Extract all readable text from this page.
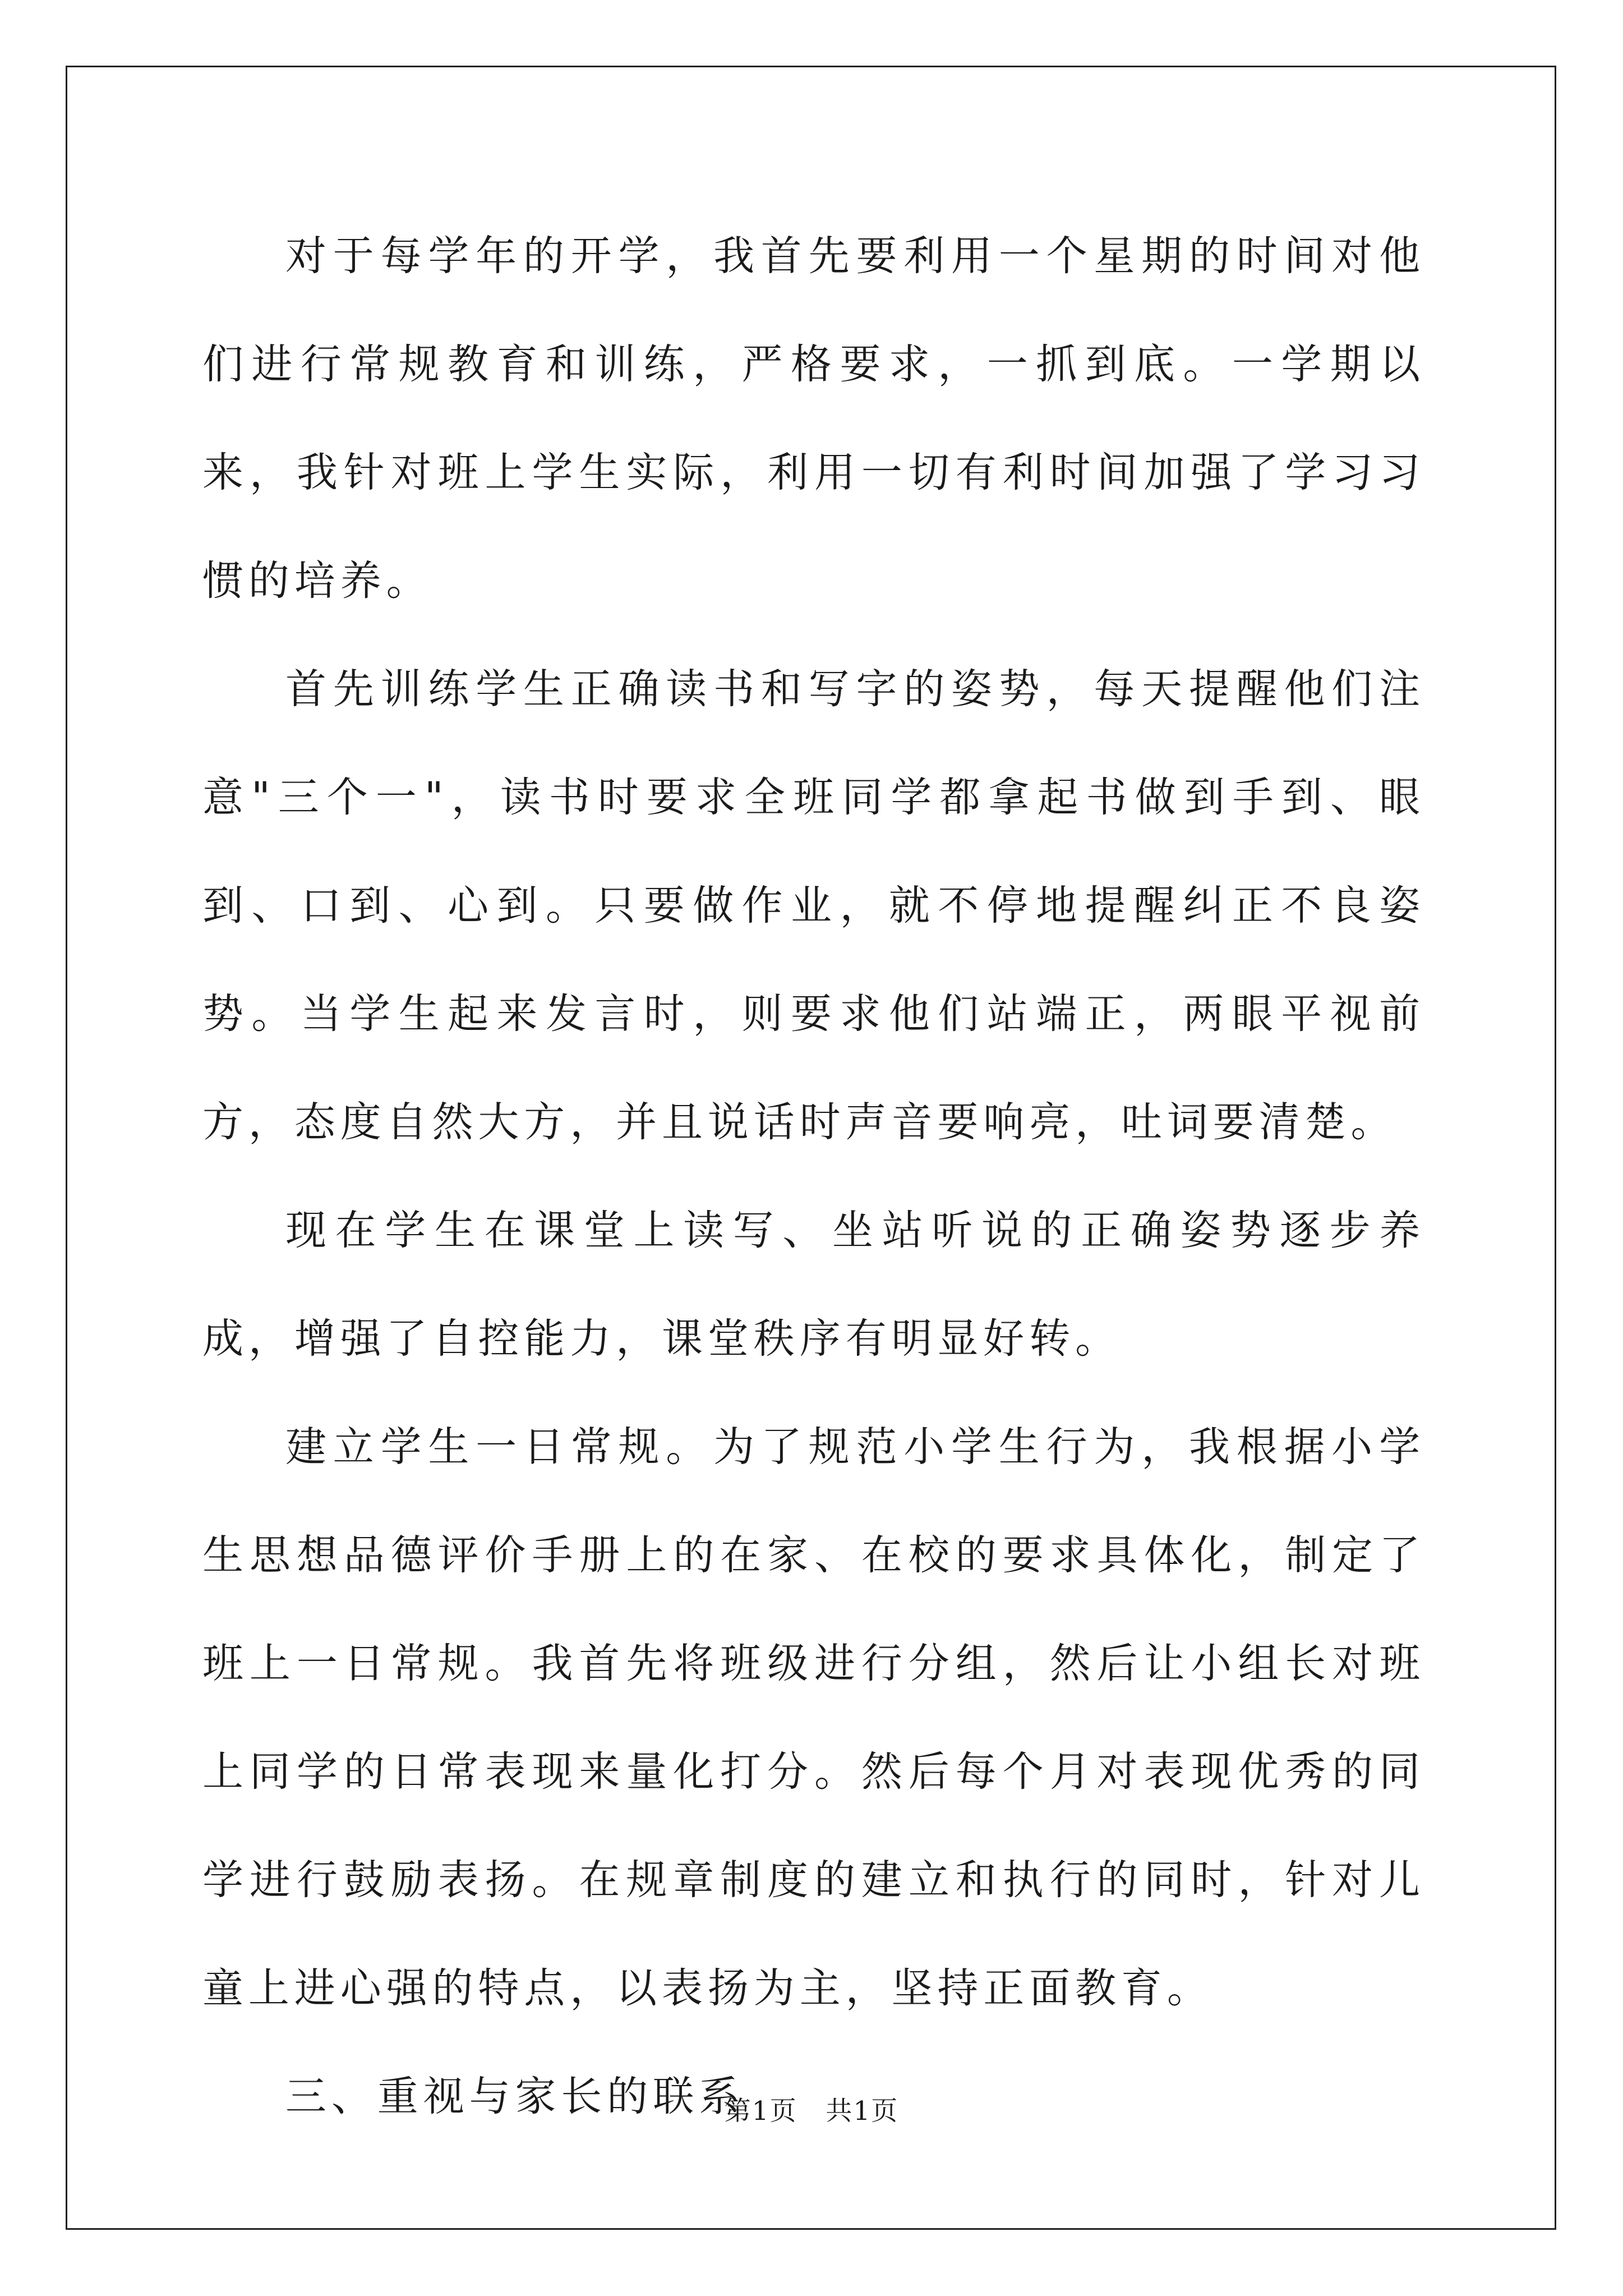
对于每学年的开学，我首先要利用一个星期的时间对他们进行常规教育和训练，严格要求，一抓到底。一学期以来，我针对班上学生实际，利用一切有利时间加强了学习习惯的培养。

首先训练学生正确读书和写字的姿势，每天提醒他们注意"三个一"，读书时要求全班同学都拿起书做到手到、眼到、口到、心到。只要做作业，就不停地提醒纠正不良姿势。当学生起来发言时，则要求他们站端正，两眼平视前方，态度自然大方，并且说话时声音要响亮，吐词要清楚。

现在学生在课堂上读写、坐站听说的正确姿势逐步养成，增强了自控能力，课堂秩序有明显好转。

建立学生一日常规。为了规范小学生行为，我根据小学生思想品德评价手册上的在家、在校的要求具体化，制定了班上一日常规。我首先将班级进行分组，然后让小组长对班上同学的日常表现来量化打分。然后每个月对表现优秀的同学进行鼓励表扬。在规章制度的建立和执行的同时，针对儿童上进心强的特点，以表扬为主，坚持正面教育。

三、重视与家长的联系

第1页 共1页
